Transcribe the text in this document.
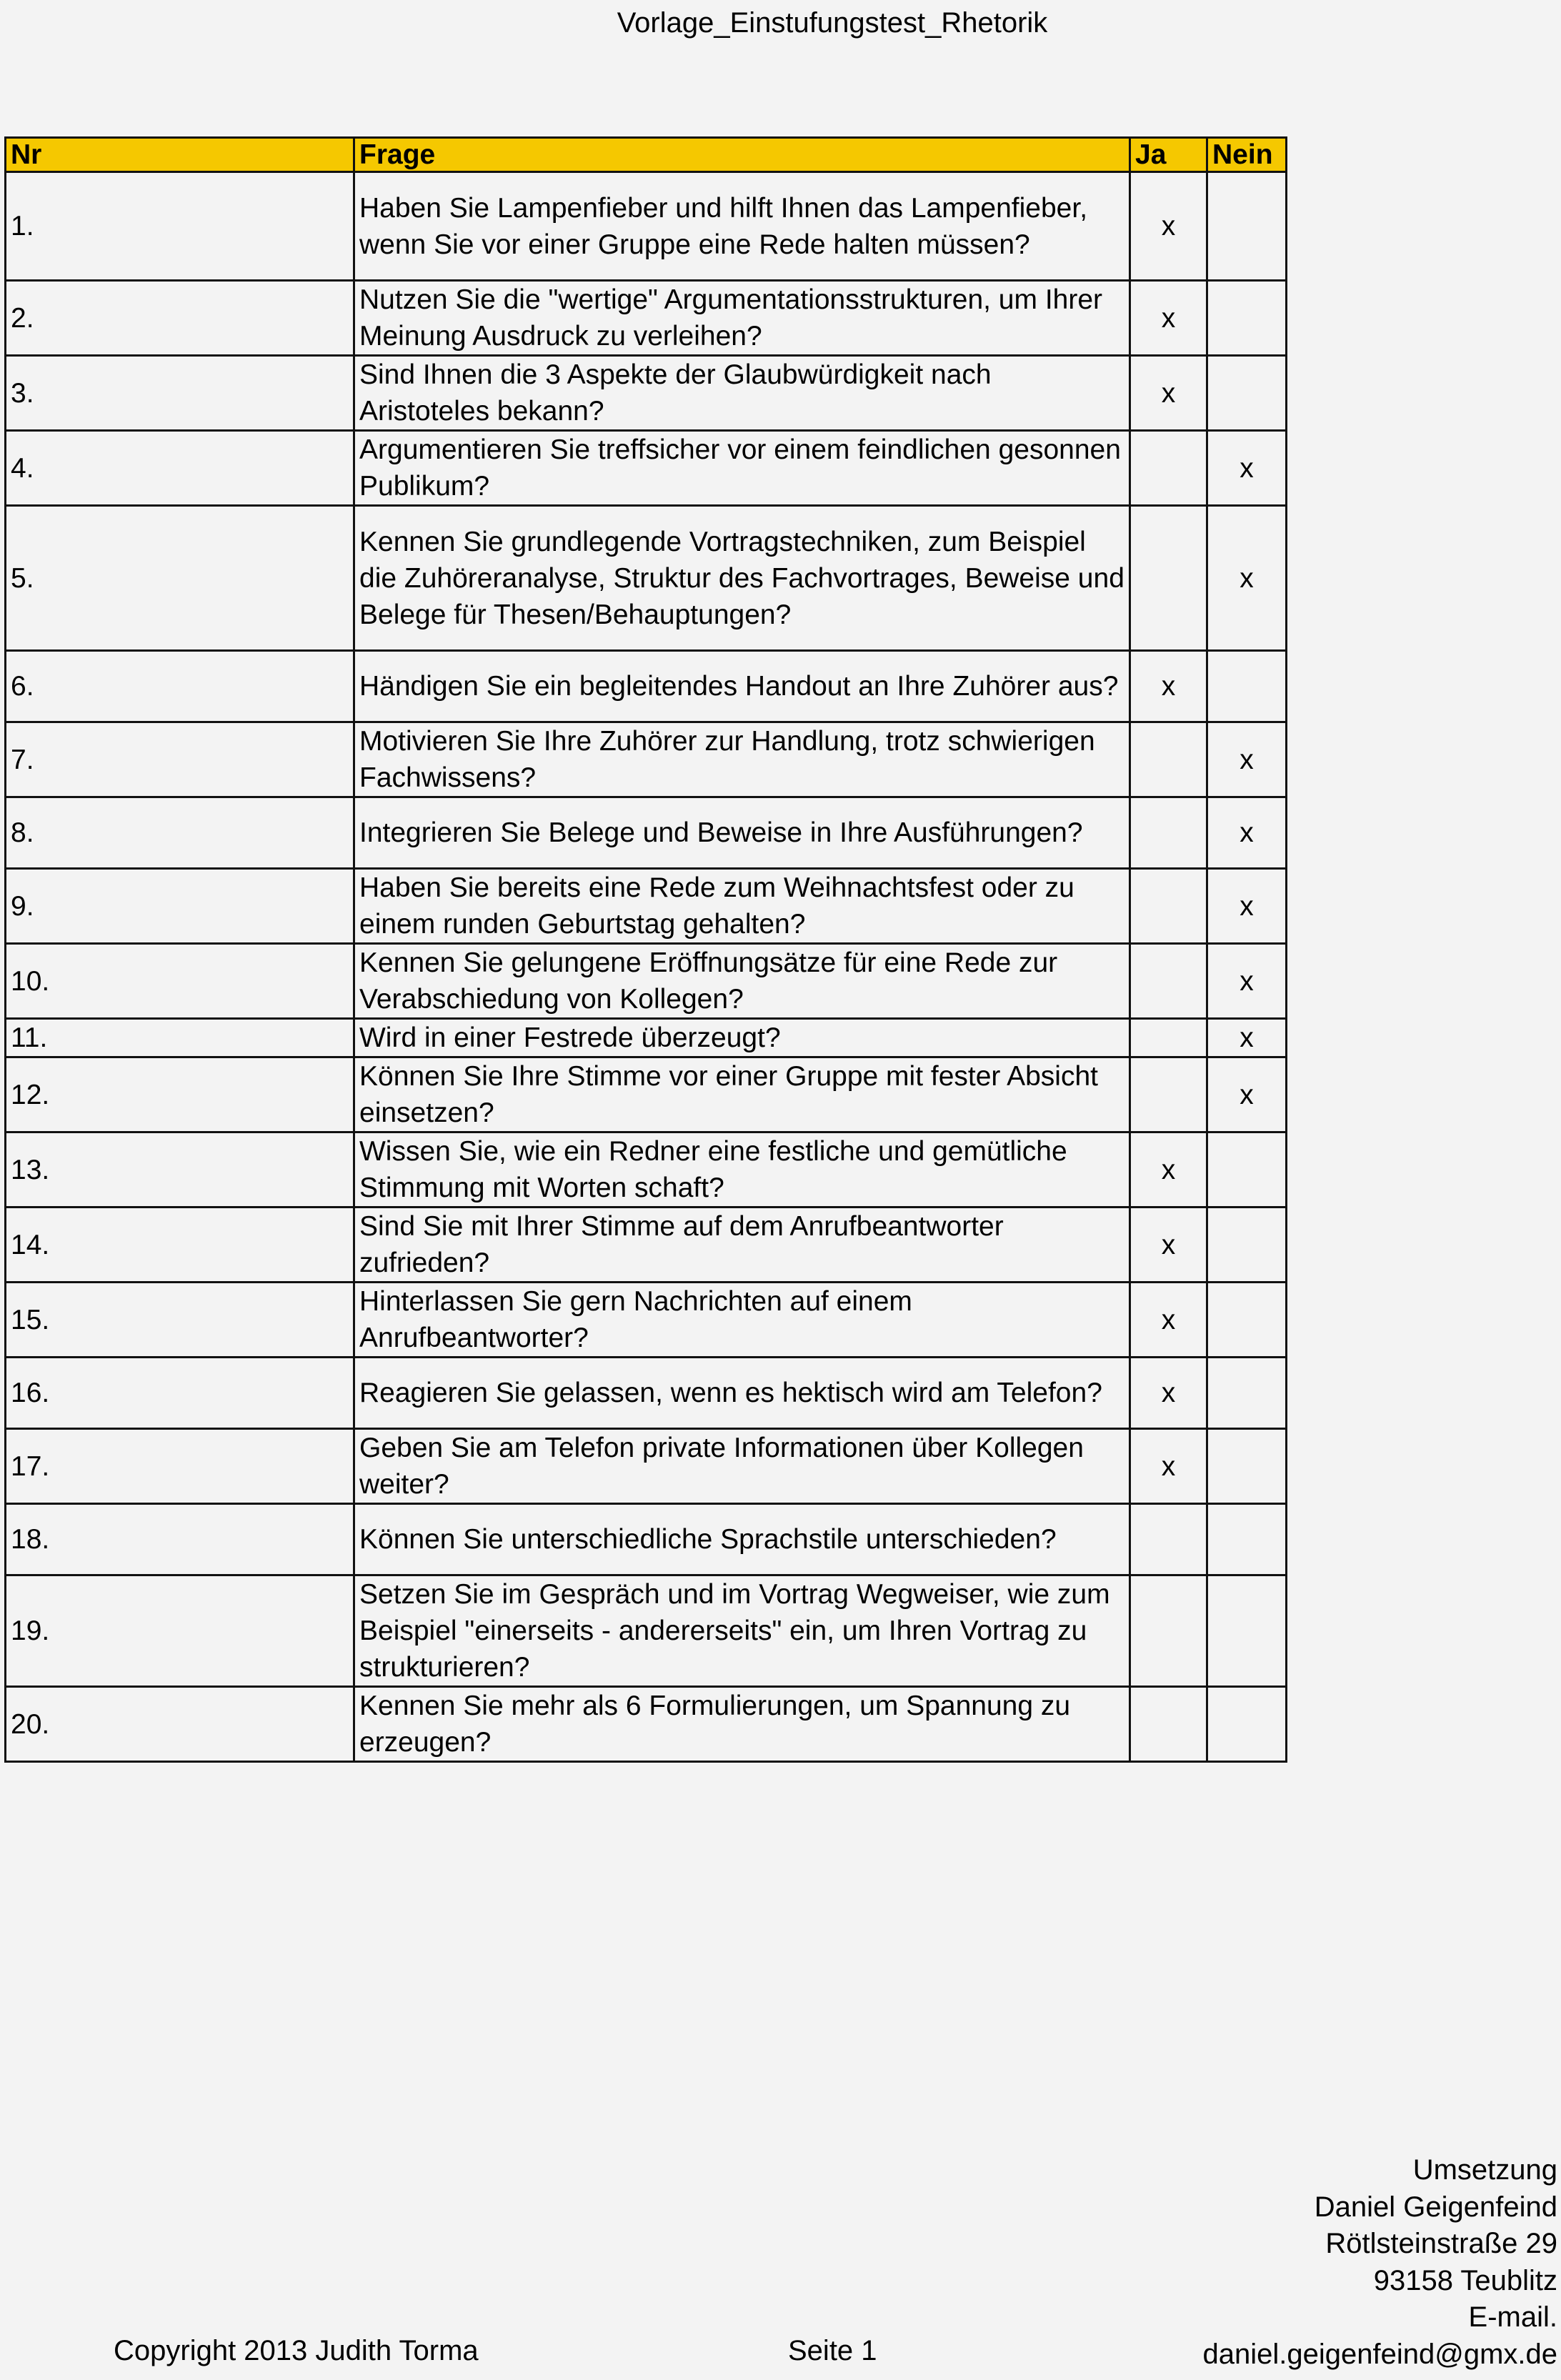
Vorlage_Einstufungstest_Rhetorik
Nr	Frage	Ja	Nein
1.	Haben Sie Lampenfieber und hilft Ihnen das Lampenfieber, wenn Sie vor einer Gruppe eine Rede halten müssen?	x	
2.	Nutzen Sie die "wertige" Argumentationsstrukturen, um Ihrer Meinung Ausdruck zu verleihen?	x	
3.	Sind Ihnen die 3 Aspekte der Glaubwürdigkeit nach Aristoteles bekann?	x	
4.	Argumentieren Sie treffsicher vor einem feindlichen gesonnen Publikum?		x
5.	Kennen Sie grundlegende Vortragstechniken, zum Beispiel die Zuhöreranalyse, Struktur des Fachvortrages, Beweise und Belege für Thesen/Behauptungen?		x
6.	Händigen Sie ein begleitendes Handout an Ihre Zuhörer aus?	x	
7.	Motivieren Sie Ihre Zuhörer zur Handlung, trotz schwierigen Fachwissens?		x
8.	Integrieren Sie Belege und Beweise in Ihre Ausführungen?		x
9.	Haben Sie bereits eine Rede zum Weihnachtsfest oder zu einem runden Geburtstag gehalten?		x
10.	Kennen Sie gelungene Eröffnungsätze für eine Rede zur Verabschiedung von Kollegen?		x
11.	Wird in einer Festrede überzeugt?		x
12.	Können Sie Ihre Stimme vor einer Gruppe mit fester Absicht einsetzen?		x
13.	Wissen Sie, wie ein Redner eine festliche und gemütliche Stimmung mit Worten schaft?	x	
14.	Sind Sie mit Ihrer Stimme auf dem Anrufbeantworter zufrieden?	x	
15.	Hinterlassen Sie gern Nachrichten auf einem Anrufbeantworter?	x	
16.	Reagieren Sie gelassen, wenn es hektisch wird am Telefon?	x	
17.	Geben Sie am Telefon private Informationen über Kollegen weiter?	x	
18.	Können Sie unterschiedliche Sprachstile unterschieden?		
19.	Setzen Sie im Gespräch und im Vortrag Wegweiser, wie zum Beispiel "einerseits - andererseits" ein, um Ihren Vortrag zu strukturieren?		
20.	Kennen Sie mehr als 6 Formulierungen, um Spannung zu erzeugen?		
Copyright 2013 Judith Torma	Seite 1
Umsetzung
Daniel Geigenfeind
Rötlsteinstraße 29
93158 Teublitz
E-mail.
daniel.geigenfeind@gmx.de
